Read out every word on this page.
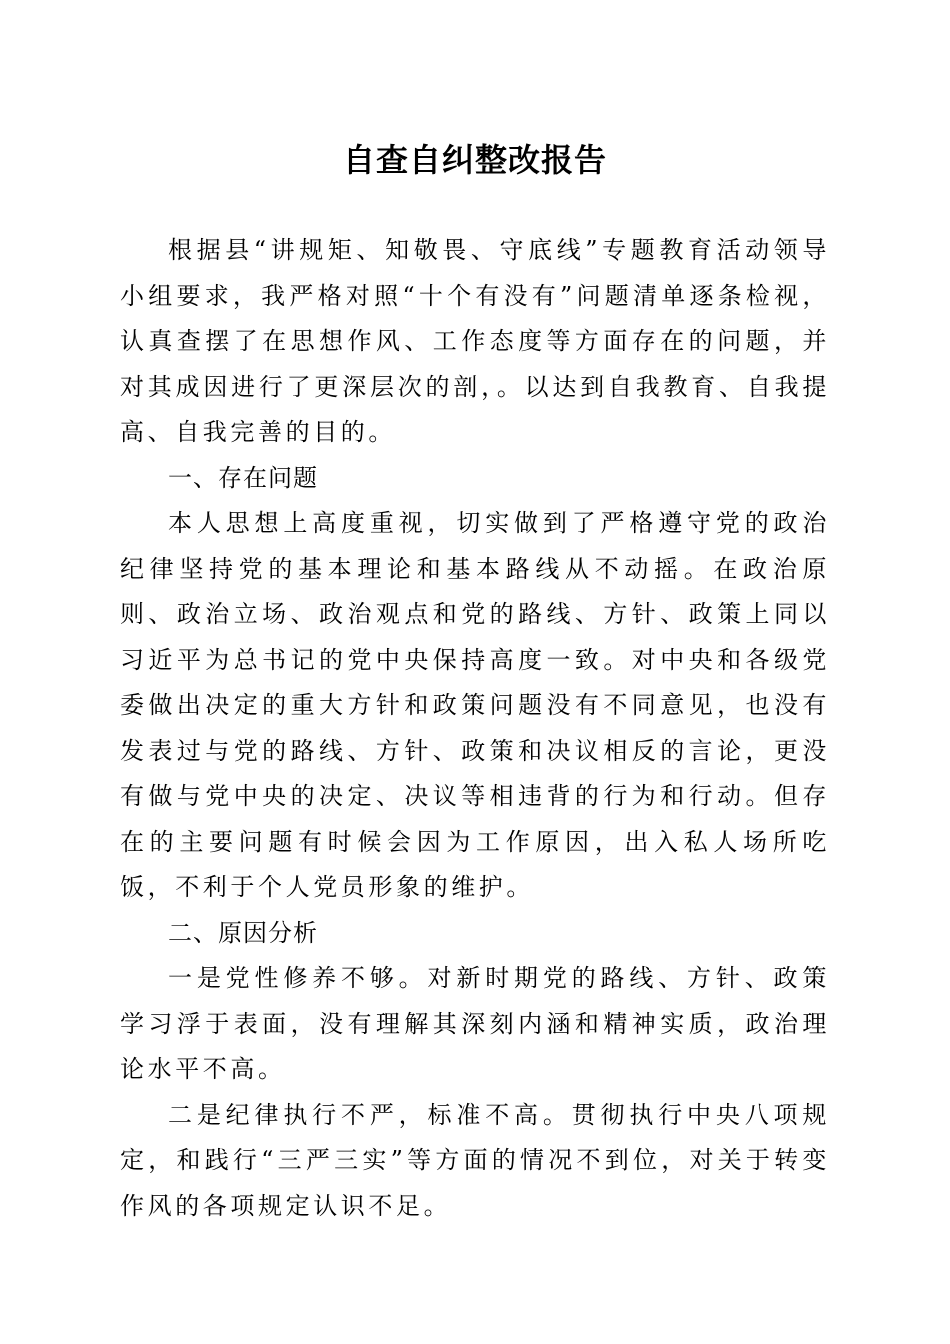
自查自纠整改报告

根据县“讲规矩、知敬畏、守底线”专题教育活动领导小组要求，我严格对照“十个有没有”问题清单逐条检视，认真查摆了在思想作风、工作态度等方面存在的问题，并对其成因进行了更深层次的剖，。以达到自我教育、自我提高、自我完善的目的。

一、存在问题

本人思想上高度重视，切实做到了严格遵守党的政治纪律坚持党的基本理论和基本路线从不动摇。在政治原则、政治立场、政治观点和党的路线、方针、政策上同以习近平为总书记的党中央保持高度一致。对中央和各级党委做出决定的重大方针和政策问题没有不同意见，也没有发表过与党的路线、方针、政策和决议相反的言论，更没有做与党中央的决定、决议等相违背的行为和行动。但存在的主要问题有时候会因为工作原因，出入私人场所吃饭，不利于个人党员形象的维护。

二、原因分析

一是党性修养不够。对新时期党的路线、方针、政策学习浮于表面，没有理解其深刻内涵和精神实质，政治理论水平不高。

二是纪律执行不严，标准不高。贯彻执行中央八项规定，和践行“三严三实”等方面的情况不到位，对关于转变作风的各项规定认识不足。
